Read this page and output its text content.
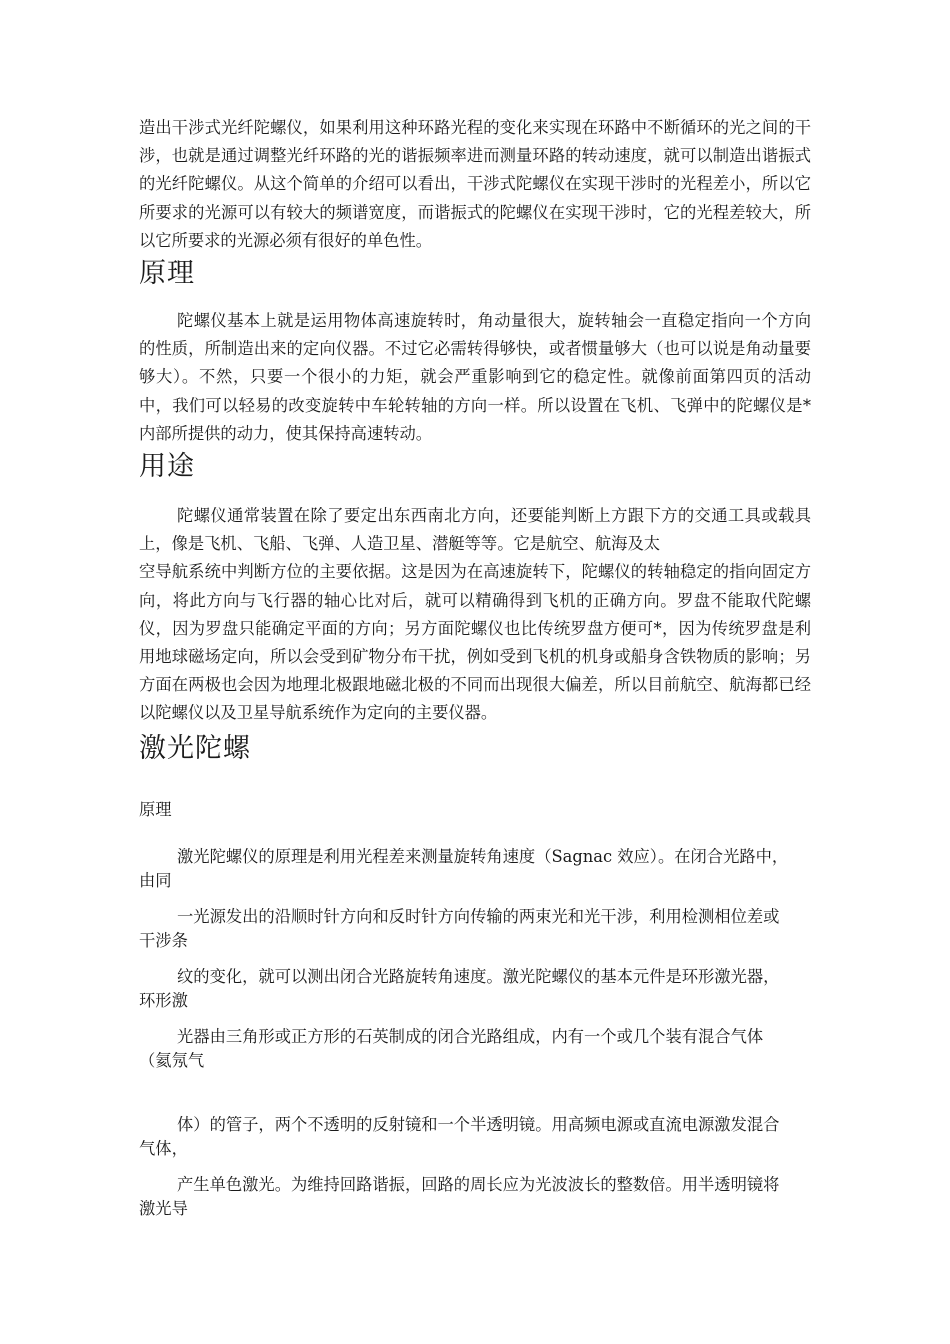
造出干涉式光纤陀螺仪，如果利用这种环路光程的变化来实现在环路中不断循环的光之间的干涉，也就是通过调整光纤环路的光的谐振频率进而测量环路的转动速度，就可以制造出谐振式的光纤陀螺仪。从这个简单的介绍可以看出，干涉式陀螺仪在实现干涉时的光程差小，所以它所要求的光源可以有较大的频谱宽度，而谐振式的陀螺仪在实现干涉时，它的光程差较大，所以它所要求的光源必须有很好的单色性。

原理

陀螺仪基本上就是运用物体高速旋转时，角动量很大，旋转轴会一直稳定指向一个方向的性质，所制造出来的定向仪器。不过它必需转得够快，或者惯量够大（也可以说是角动量要够大）。不然，只要一个很小的力矩，就会严重影响到它的稳定性。就像前面第四页的活动中，我们可以轻易的改变旋转中车轮转轴的方向一样。所以设置在飞机、飞弹中的陀螺仪是*内部所提供的动力，使其保持高速转动。

用途

陀螺仪通常装置在除了要定出东西南北方向，还要能判断上方跟下方的交通工具或载具上，像是飞机、飞船、飞弹、人造卫星、潜艇等等。它是航空、航海及太

空导航系统中判断方位的主要依据。这是因为在高速旋转下，陀螺仪的转轴稳定的指向固定方向，将此方向与飞行器的轴心比对后，就可以精确得到飞机的正确方向。罗盘不能取代陀螺仪，因为罗盘只能确定平面的方向；另方面陀螺仪也比传统罗盘方便可*，因为传统罗盘是利用地球磁场定向，所以会受到矿物分布干扰，例如受到飞机的机身或船身含铁物质的影响；另方面在两极也会因为地理北极跟地磁北极的不同而出现很大偏差，所以目前航空、航海都已经以陀螺仪以及卫星导航系统作为定向的主要仪器。

激光陀螺

原理

激光陀螺仪的原理是利用光程差来测量旋转角速度（Sagnac 效应）。在闭合光路中，

由同

一光源发出的沿顺时针方向和反时针方向传输的两束光和光干涉，利用检测相位差或

干涉条

纹的变化，就可以测出闭合光路旋转角速度。激光陀螺仪的基本元件是环形激光器，

环形激

光器由三角形或正方形的石英制成的闭合光路组成，内有一个或几个装有混合气体

（氦氖气

体）的管子，两个不透明的反射镜和一个半透明镜。用高频电源或直流电源激发混合

气体，

产生单色激光。为维持回路谐振，回路的周长应为光波波长的整数倍。用半透明镜将

激光导
